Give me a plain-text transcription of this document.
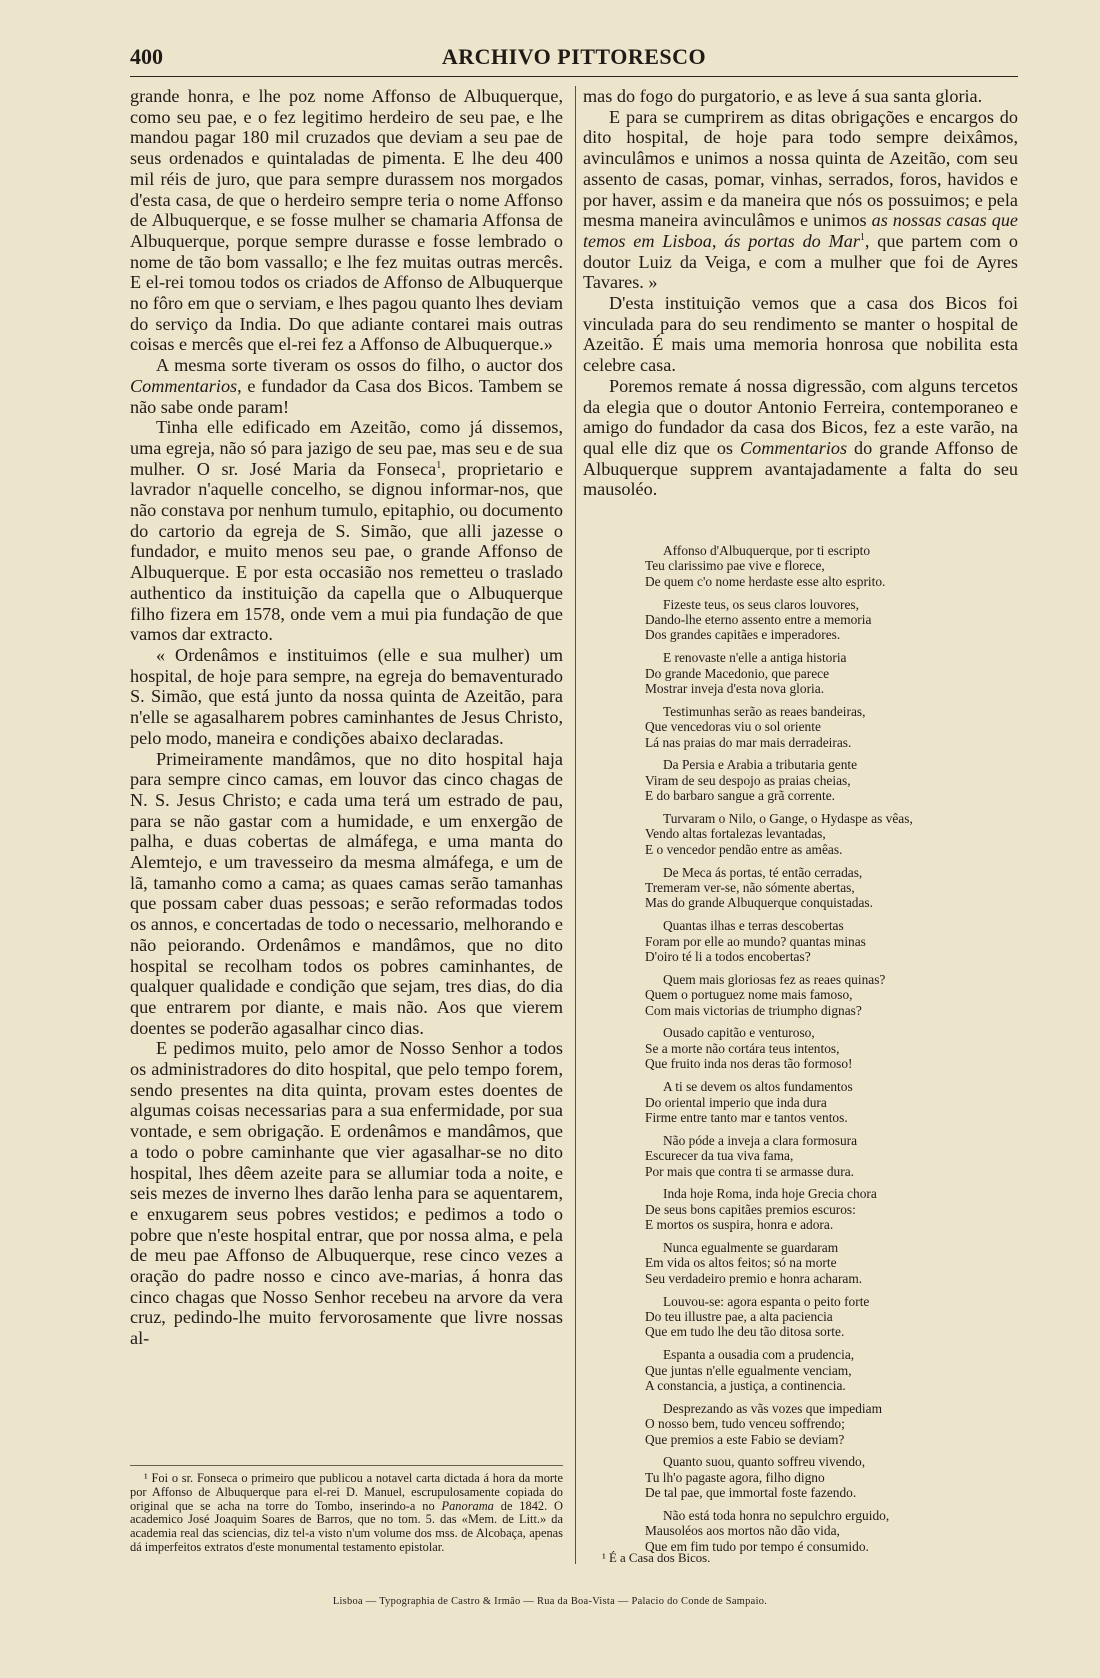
400	ARCHIVO PITTORESCO

grande honra, e lhe poz nome Affonso de Albuquerque, como seu pae, e o fez legitimo herdeiro de seu pae, e lhe mandou pagar 180 mil cruzados que deviam a seu pae de seus ordenados e quintaladas de pimenta. E lhe deu 400 mil réis de juro, que para sempre durassem nos morgados d'esta casa, de que o herdeiro sempre teria o nome Affonso de Albuquerque, e se fosse mulher se chamaria Affonsa de Albuquerque, porque sempre durasse e fosse lembrado o nome de tão bom vassallo; e lhe fez muitas outras mercês. E el-rei tomou todos os criados de Affonso de Albuquerque no fôro em que o serviam, e lhes pagou quanto lhes deviam do serviço da India. Do que adiante contarei mais outras coisas e mercês que el-rei fez a Affonso de Albuquerque.»

A mesma sorte tiveram os ossos do filho, o auctor dos Commentarios, e fundador da Casa dos Bicos. Tambem se não sabe onde param!

Tinha elle edificado em Azeitão, como já dissemos, uma egreja, não só para jazigo de seu pae, mas seu e de sua mulher. O sr. José Maria da Fonseca$^1$, proprietario e lavrador n'aquelle concelho, se dignou informar-nos, que não constava por nenhum tumulo, epitaphio, ou documento do cartorio da egreja de S. Simão, que alli jazesse o fundador, e muito menos seu pae, o grande Affonso de Albuquerque. E por esta occasião nos remetteu o traslado authentico da instituição da capella que o Albuquerque filho fizera em 1578, onde vem a mui pia fundação de que vamos dar extracto.

« Ordenâmos e instituimos (elle e sua mulher) um hospital, de hoje para sempre, na egreja do bemaventurado S. Simão, que está junto da nossa quinta de Azeitão, para n'elle se agasalharem pobres caminhantes de Jesus Christo, pelo modo, maneira e condições abaixo declaradas.

Primeiramente mandâmos, que no dito hospital haja para sempre cinco camas, em louvor das cinco chagas de N. S. Jesus Christo; e cada uma terá um estrado de pau, para se não gastar com a humidade, e um enxergão de palha, e duas cobertas de almáfega, e uma manta do Alemtejo, e um travesseiro da mesma almáfega, e um de lã, tamanho como a cama; as quaes camas serão tamanhas que possam caber duas pessoas; e serão reformadas todos os annos, e concertadas de todo o necessario, melhorando e não peiorando. Ordenâmos e mandâmos, que no dito hospital se recolham todos os pobres caminhantes, de qualquer qualidade e condição que sejam, tres dias, do dia que entrarem por diante, e mais não. Aos que vierem doentes se poderão agasalhar cinco dias.

E pedimos muito, pelo amor de Nosso Senhor a todos os administradores do dito hospital, que pelo tempo forem, sendo presentes na dita quinta, provam estes doentes de algumas coisas necessarias para a sua enfermidade, por sua vontade, e sem obrigação. E ordenâmos e mandâmos, que a todo o pobre caminhante que vier agasalhar-se no dito hospital, lhes dêem azeite para se allumiar toda a noite, e seis mezes de inverno lhes darão lenha para se aquentarem, e enxugarem seus pobres vestidos; e pedimos a todo o pobre que n'este hospital entrar, que por nossa alma, e pela de meu pae Affonso de Albuquerque, rese cinco vezes a oração do padre nosso e cinco ave-marias, á honra das cinco chagas que Nosso Senhor recebeu na arvore da vera cruz, pedindo-lhe muito fervorosamente que livre nossas al-

¹ Foi o sr. Fonseca o primeiro que publicou a notavel carta dictada á hora da morte por Affonso de Albuquerque para el-rei D. Manuel, escrupulosamente copiada do original que se acha na torre do Tombo, inserindo-a no Panorama de 1842. O academico José Joaquim Soares de Barros, que no tom. 5. das «Mem. de Litt.» da academia real das sciencias, diz tel-a visto n'um volume dos mss. de Alcobaça, apenas dá imperfeitos extratos d'este monumental testamento epistolar.

mas do fogo do purgatorio, e as leve á sua santa gloria.

E para se cumprirem as ditas obrigações e encargos do dito hospital, de hoje para todo sempre deixâmos, avinculâmos e unimos a nossa quinta de Azeitão, com seu assento de casas, pomar, vinhas, serrados, foros, havidos e por haver, assim e da maneira que nós os possuimos; e pela mesma maneira avinculâmos e unimos as nossas casas que temos em Lisboa, ás portas do Mar$^1$, que partem com o doutor Luiz da Veiga, e com a mulher que foi de Ayres Tavares. »

D'esta instituição vemos que a casa dos Bicos foi vinculada para do seu rendimento se manter o hospital de Azeitão. É mais uma memoria honrosa que nobilita esta celebre casa.

Poremos remate á nossa digressão, com alguns tercetos da elegia que o doutor Antonio Ferreira, contemporaneo e amigo do fundador da casa dos Bicos, fez a este varão, na qual elle diz que os Commentarios do grande Affonso de Albuquerque supprem avantajadamente a falta do seu mausoléo.

Affonso d'Albuquerque, por ti escripto
Teu clarissimo pae vive e florece,
De quem c'o nome herdaste esse alto esprito.
Fizeste teus, os seus claros louvores,
Dando-lhe eterno assento entre a memoria
Dos grandes capitães e imperadores.
E renovaste n'elle a antiga historia
Do grande Macedonio, que parece
Mostrar inveja d'esta nova gloria.
Testimunhas serão as reaes bandeiras,
Que vencedoras viu o sol oriente
Lá nas praias do mar mais derradeiras.
Da Persia e Arabia a tributaria gente
Viram de seu despojo as praias cheias,
E do barbaro sangue a grã corrente.
Turvaram o Nilo, o Gange, o Hydaspe as vêas,
Vendo altas fortalezas levantadas,
E o vencedor pendão entre as amêas.
De Meca ás portas, té então cerradas,
Tremeram ver-se, não sómente abertas,
Mas do grande Albuquerque conquistadas.
Quantas ilhas e terras descobertas
Foram por elle ao mundo? quantas minas
D'oiro té li a todos encobertas?
Quem mais gloriosas fez as reaes quinas?
Quem o portuguez nome mais famoso,
Com mais victorias de triumpho dignas?
Ousado capitão e venturoso,
Se a morte não cortára teus intentos,
Que fruito inda nos deras tão formoso!
A ti se devem os altos fundamentos
Do oriental imperio que inda dura
Firme entre tanto mar e tantos ventos.
Não póde a inveja a clara formosura
Escurecer da tua viva fama,
Por mais que contra ti se armasse dura.
Inda hoje Roma, inda hoje Grecia chora
De seus bons capitães premios escuros:
E mortos os suspira, honra e adora.
Nunca egualmente se guardaram
Em vida os altos feitos; só na morte
Seu verdadeiro premio e honra acharam.
Louvou-se: agora espanta o peito forte
Do teu illustre pae, a alta paciencia
Que em tudo lhe deu tão ditosa sorte.
Espanta a ousadia com a prudencia,
Que juntas n'elle egualmente venciam,
A constancia, a justiça, a continencia.
Desprezando as vãs vozes que impediam
O nosso bem, tudo venceu soffrendo;
Que premios a este Fabio se deviam?
Quanto suou, quanto soffreu vivendo,
Tu lh'o pagaste agora, filho digno
De tal pae, que immortal foste fazendo.
Não está toda honra no sepulchro erguido,
Mausoléos aos mortos não dão vida,
Que em fim tudo por tempo é consumido.
¹ É a Casa dos Bicos.
Lisboa — Typographia de Castro & Irmão — Rua da Boa-Vista — Palacio do Conde de Sampaio.
